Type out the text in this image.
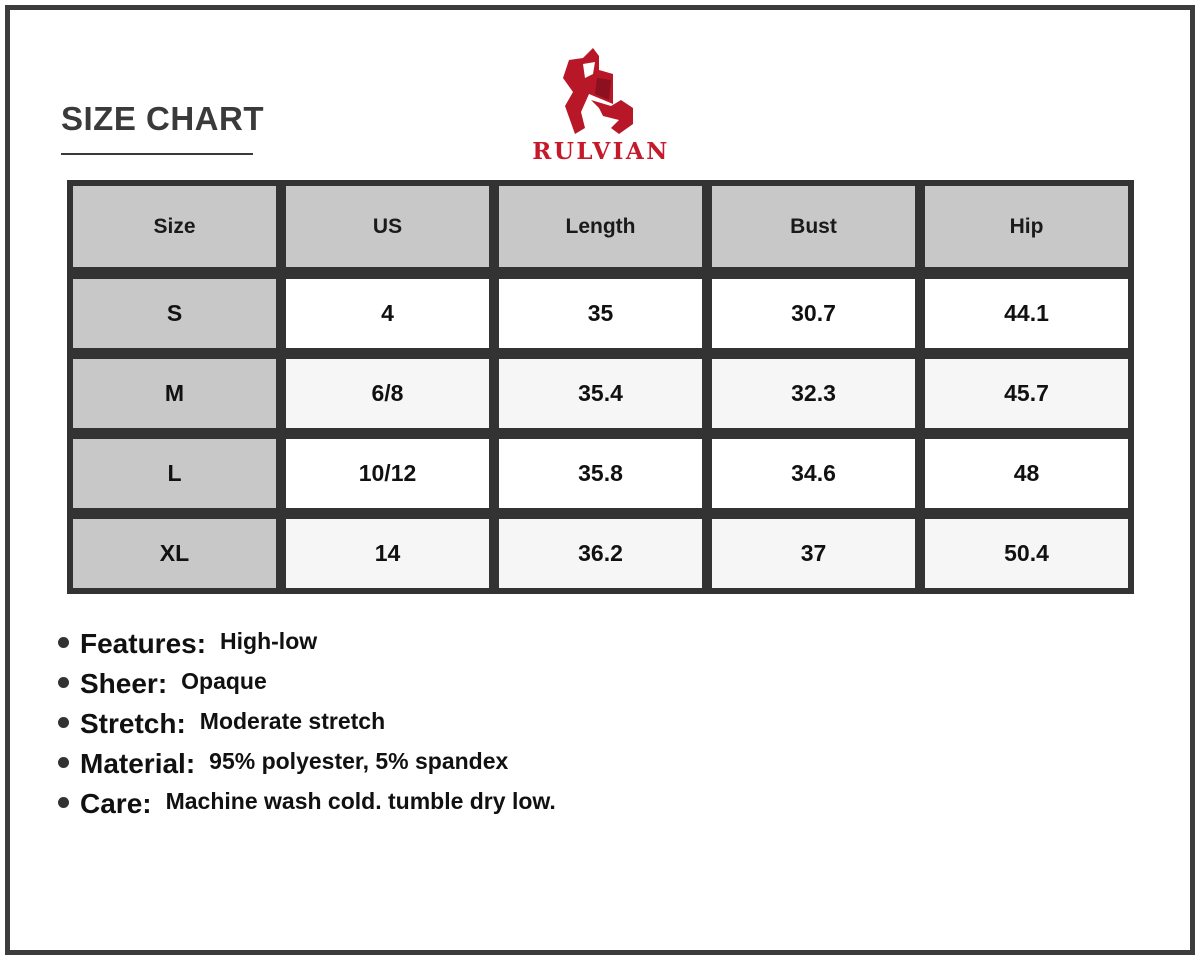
SIZE CHART
RULVIAN
Size	US	Length	Bust	Hip
S	4	35	30.7	44.1
M	6/8	35.4	32.3	45.7
L	10/12	35.8	34.6	48
XL	14	36.2	37	50.4
Features: High-low
Sheer: Opaque
Stretch: Moderate stretch
Material: 95% polyester, 5% spandex
Care: Machine wash cold. tumble dry low.
